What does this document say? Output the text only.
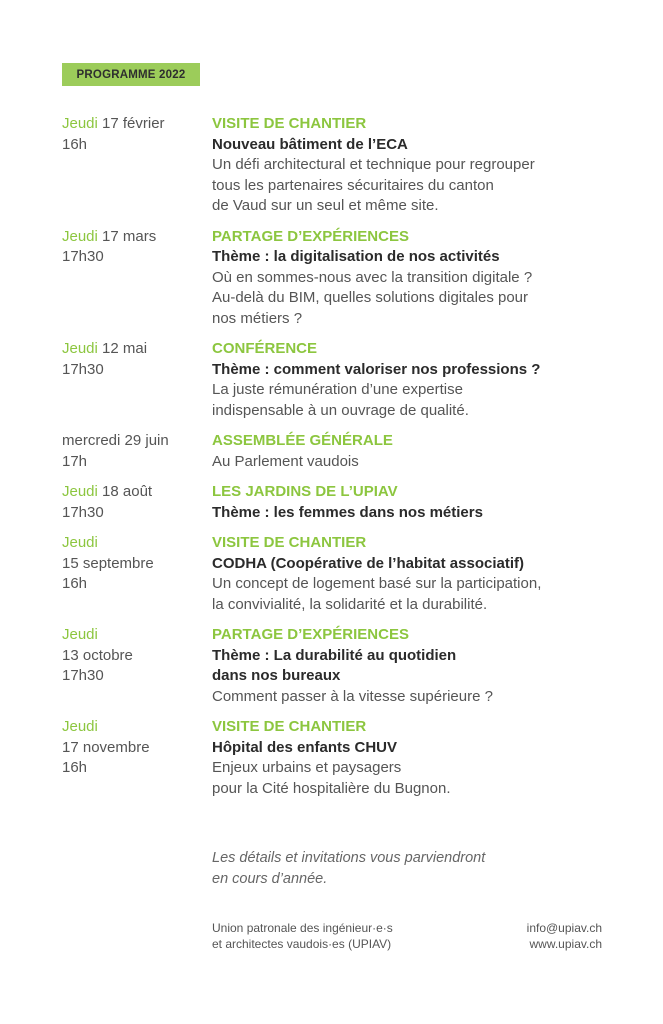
PROGRAMME 2022
Jeudi 17 février
16h
VISITE DE CHANTIER
Nouveau bâtiment de l’ECA
Un défi architectural et technique pour regrouper
tous les partenaires sécuritaires du canton
de Vaud sur un seul et même site.
Jeudi 17 mars
17h30
PARTAGE D’EXPÉRIENCES
Thème : la digitalisation de nos activités
Où en sommes-nous avec la transition digitale ?
Au-delà du BIM, quelles solutions digitales pour
nos métiers ?
Jeudi 12 mai
17h30
CONFÉRENCE
Thème : comment valoriser nos professions ?
La juste rémunération d’une expertise
indispensable à un ouvrage de qualité.
mercredi 29 juin
17h
ASSEMBLÉE GÉNÉRALE
Au Parlement vaudois
Jeudi 18 août
17h30
LES JARDINS DE L’UPIAV
Thème : les femmes dans nos métiers
Jeudi
15 septembre
16h
VISITE DE CHANTIER
CODHA (Coopérative de l’habitat associatif)
Un concept de logement basé sur la participation,
la convivialité, la solidarité et la durabilité.
Jeudi
13 octobre
17h30
PARTAGE D’EXPÉRIENCES
Thème : La durabilité au quotidien
dans nos bureaux
Comment passer à la vitesse supérieure ?
Jeudi
17 novembre
16h
VISITE DE CHANTIER
Hôpital des enfants CHUV
Enjeux urbains et paysagers
pour la Cité hospitalière du Bugnon.
Les détails et invitations vous parviendront
en cours d’année.
Union patronale des ingénieur·e·s
et architectes vaudois·es (UPIAV)
info@upiav.ch
www.upiav.ch
